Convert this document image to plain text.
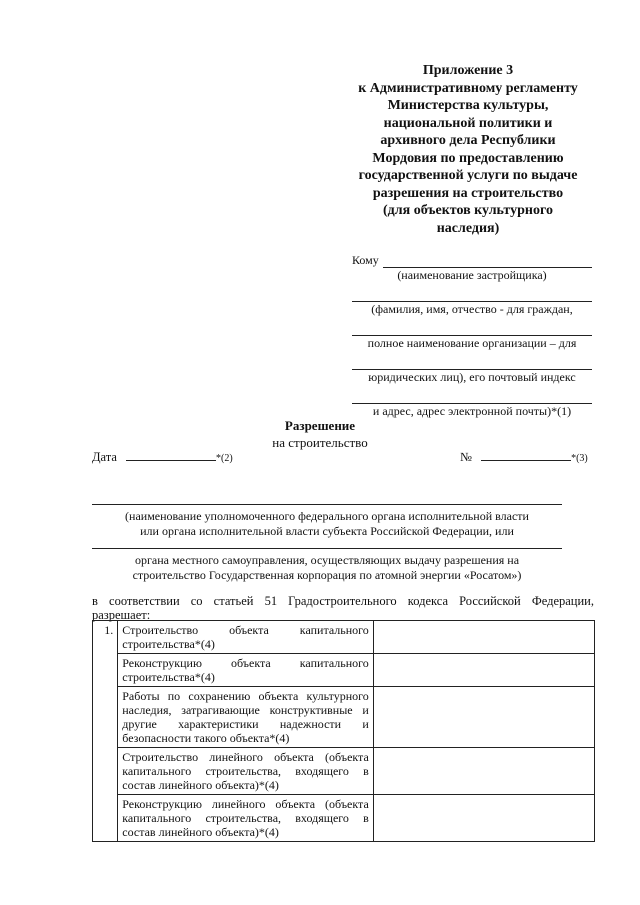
Приложение 3
к Административному регламенту
Министерства культуры,
национальной политики и
архивного дела Республики
Мордовия по предоставлению
государственной услуги по выдаче
разрешения на строительство
(для объектов культурного
наследия)
Кому
(наименование застройщика)
(фамилия, имя, отчество - для граждан,
полное наименование организации – для
юридических лиц), его почтовый индекс
и адрес, адрес электронной почты)*(1)
Разрешение
на строительство
Дата	*(2)	№	*(3)
(наименование уполномоченного федерального органа исполнительной власти
или органа исполнительной власти субъекта Российской Федерации, или
органа местного самоуправления, осуществляющих выдачу разрешения на
строительство Государственная корпорация по атомной энергии «Росатом»)
в соответствии со статьей 51 Градостроительного кодекса Российской Федерации,
разрешает:
1.	Строительство объекта капитального строительства*(4)	
	Реконструкцию объекта капитального строительства*(4)	
	Работы по сохранению объекта культурного наследия, затрагивающие конструктивные и другие характеристики надежности и безопасности такого объекта*(4)	
	Строительство линейного объекта (объекта капитального строительства, входящего в состав линейного объекта)*(4)	
	Реконструкцию линейного объекта (объекта капитального строительства, входящего в состав линейного объекта)*(4)	
